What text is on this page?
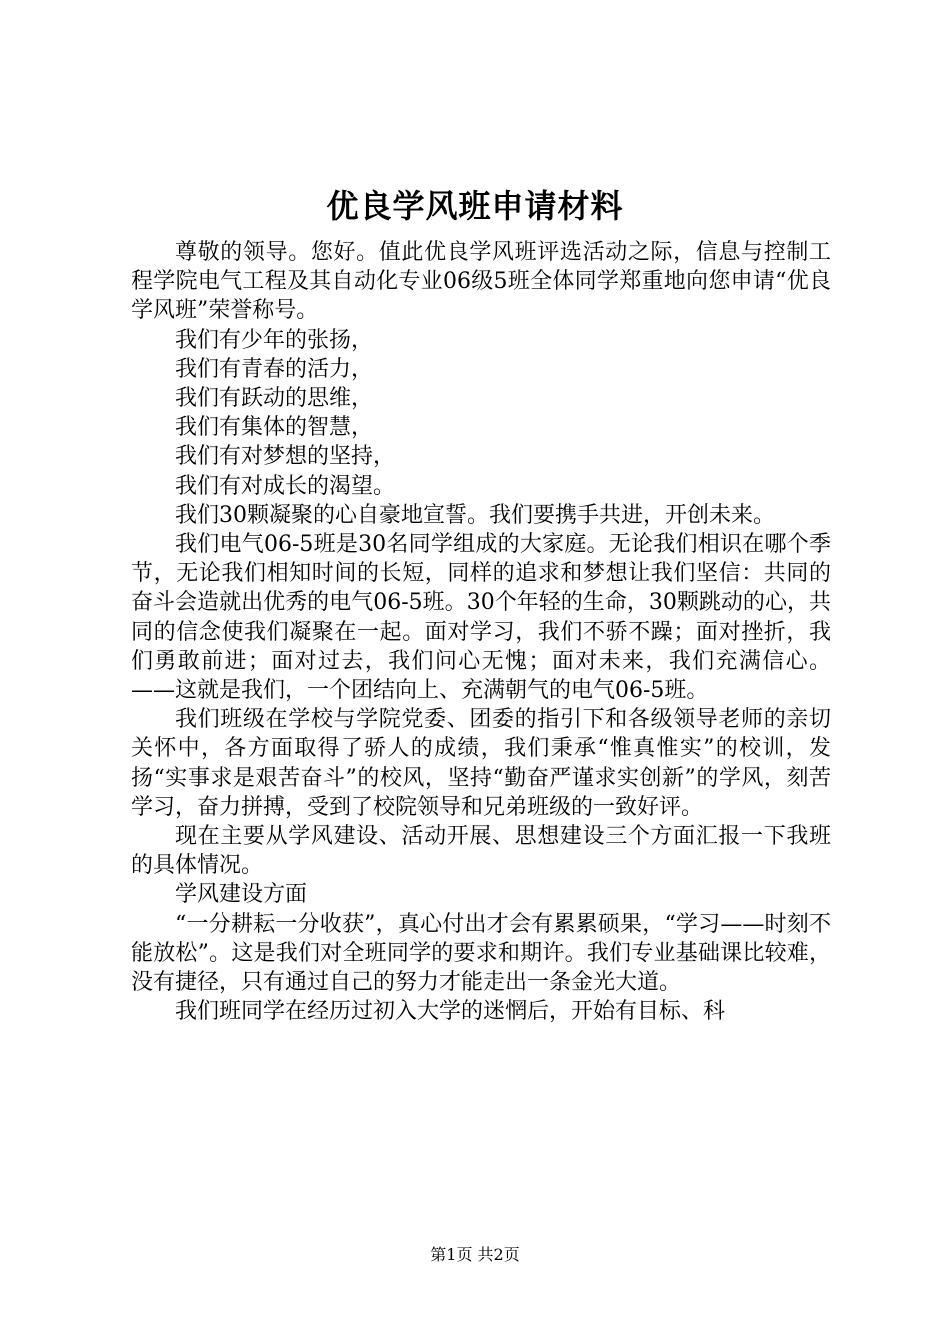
优良学风班申请材料

尊敬的领导。您好。值此优良学风班评选活动之际，信息与控制工程学院电气工程及其自动化专业06级5班全体同学郑重地向您申请“优良学风班”荣誉称号。

我们有少年的张扬，

我们有青春的活力，

我们有跃动的思维，

我们有集体的智慧，

我们有对梦想的坚持，

我们有对成长的渴望。

我们30颗凝聚的心自豪地宣誓。我们要携手共进，开创未来。

我们电气06-5班是30名同学组成的大家庭。无论我们相识在哪个季节，无论我们相知时间的长短，同样的追求和梦想让我们坚信：共同的奋斗会造就出优秀的电气06-5班。30个年轻的生命，30颗跳动的心，共同的信念使我们凝聚在一起。面对学习，我们不骄不躁；面对挫折，我们勇敢前进；面对过去，我们问心无愧；面对未来，我们充满信心。——这就是我们，一个团结向上、充满朝气的电气06-5班。

我们班级在学校与学院党委、团委的指引下和各级领导老师的亲切关怀中，各方面取得了骄人的成绩，我们秉承“惟真惟实”的校训，发扬“实事求是艰苦奋斗”的校风，坚持“勤奋严谨求实创新”的学风，刻苦学习，奋力拼搏，受到了校院领导和兄弟班级的一致好评。

现在主要从学风建设、活动开展、思想建设三个方面汇报一下我班的具体情况。

学风建设方面

“一分耕耘一分收获”，真心付出才会有累累硕果，“学习——时刻不能放松”。这是我们对全班同学的要求和期许。我们专业基础课比较难，没有捷径，只有通过自己的努力才能走出一条金光大道。

我们班同学在经历过初入大学的迷惘后，开始有目标、科

第1页 共2页
